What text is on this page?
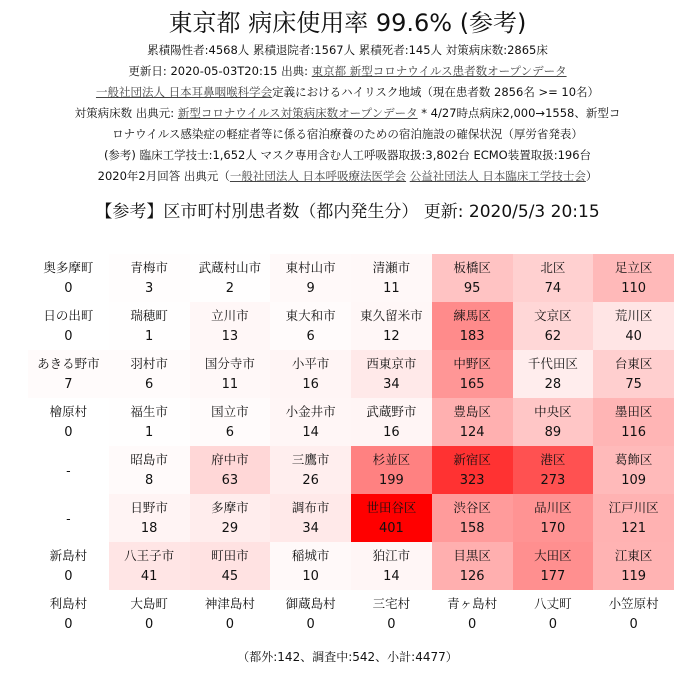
東京都 病床使用率 99.6% (参考)
累積陽性者:4568人 累積退院者:1567人 累積死者:145人 対策病床数:2865床
更新日: 2020-05-03T20:15 出典: 東京都 新型コロナウイルス患者数オープンデータ
一般社団法人 日本耳鼻咽喉科学会定義におけるハイリスク地域（現在患者数 2856名 >= 10名）
対策病床数 出典元: 新型コロナウイルス対策病床数オープンデータ * 4/27時点病床2,000→1558、新型コ
ロナウイルス感染症の軽症者等に係る宿泊療養のための宿泊施設の確保状況（厚労省発表）
(参考) 臨床工学技士:1,652人 マスク専用含む人工呼吸器取扱:3,802台 ECMO装置取扱:196台
2020年2月回答 出典元（一般社団法人 日本呼吸療法医学会 公益社団法人 日本臨床工学技士会）
【参考】区市町村別患者数（都内発生分） 更新: 2020/5/3 20:15
奥多摩町
0
青梅市
3
武蔵村山市
2
東村山市
9
清瀬市
11
板橋区
95
北区
74
足立区
110
日の出町
0
瑞穂町
1
立川市
13
東大和市
6
東久留米市
12
練馬区
183
文京区
62
荒川区
40
あきる野市
7
羽村市
6
国分寺市
11
小平市
16
西東京市
34
中野区
165
千代田区
28
台東区
75
檜原村
0
福生市
1
国立市
6
小金井市
14
武蔵野市
16
豊島区
124
中央区
89
墨田区
116
-
昭島市
8
府中市
63
三鷹市
26
杉並区
199
新宿区
323
港区
273
葛飾区
109
-
日野市
18
多摩市
29
調布市
34
世田谷区
401
渋谷区
158
品川区
170
江戸川区
121
新島村
0
八王子市
41
町田市
45
稲城市
10
狛江市
14
目黒区
126
大田区
177
江東区
119
利島村
0
大島町
0
神津島村
0
御蔵島村
0
三宅村
0
青ヶ島村
0
八丈町
0
小笠原村
0
（都外:142、調査中:542、小計:4477）
